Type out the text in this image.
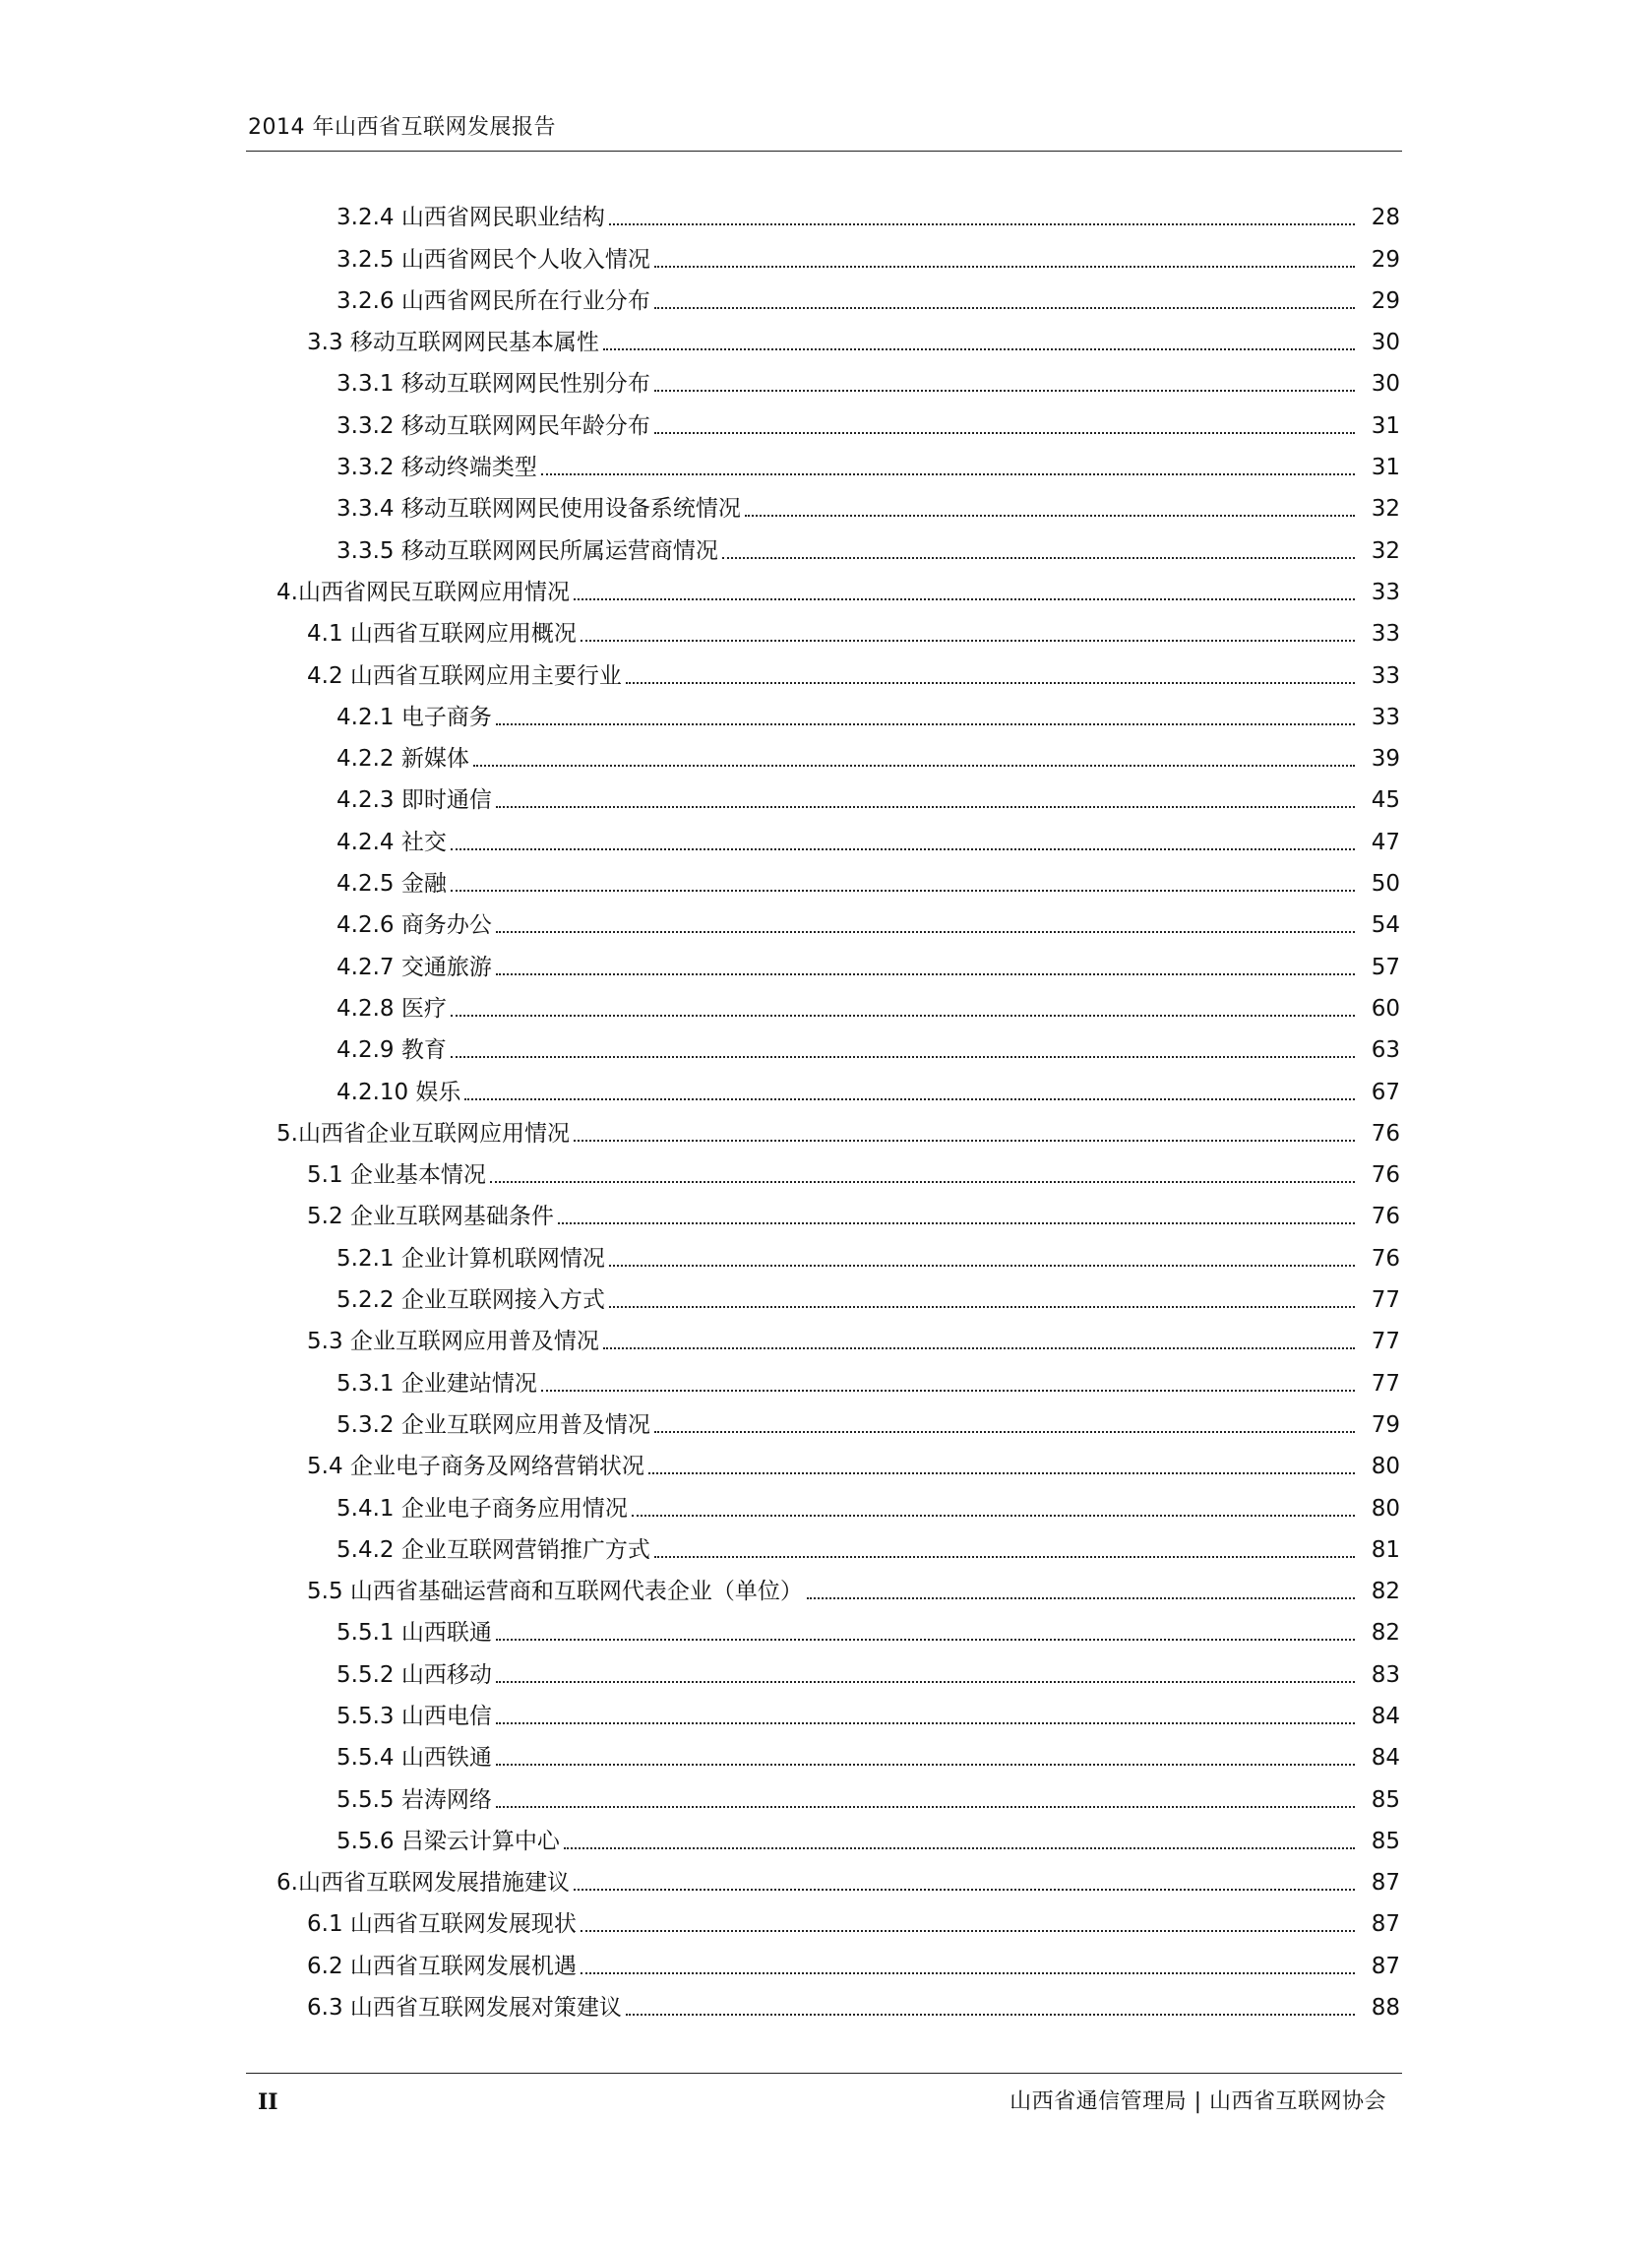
2014 年山西省互联网发展报告
3.2.4 山西省网民职业结构	28
3.2.5 山西省网民个人收入情况	29
3.2.6 山西省网民所在行业分布	29
3.3 移动互联网网民基本属性	30
3.3.1 移动互联网网民性别分布	30
3.3.2 移动互联网网民年龄分布	31
3.3.2 移动终端类型	31
3.3.4 移动互联网网民使用设备系统情况	32
3.3.5 移动互联网网民所属运营商情况	32
4.山西省网民互联网应用情况	33
4.1 山西省互联网应用概况	33
4.2 山西省互联网应用主要行业	33
4.2.1 电子商务	33
4.2.2 新媒体	39
4.2.3 即时通信	45
4.2.4 社交	47
4.2.5 金融	50
4.2.6 商务办公	54
4.2.7 交通旅游	57
4.2.8 医疗	60
4.2.9 教育	63
4.2.10 娱乐	67
5.山西省企业互联网应用情况	76
5.1 企业基本情况	76
5.2 企业互联网基础条件	76
5.2.1 企业计算机联网情况	76
5.2.2 企业互联网接入方式	77
5.3 企业互联网应用普及情况	77
5.3.1 企业建站情况	77
5.3.2 企业互联网应用普及情况	79
5.4 企业电子商务及网络营销状况	80
5.4.1 企业电子商务应用情况	80
5.4.2 企业互联网营销推广方式	81
5.5 山西省基础运营商和互联网代表企业（单位）	82
5.5.1 山西联通	82
5.5.2 山西移动	83
5.5.3 山西电信	84
5.5.4 山西铁通	84
5.5.5 岩涛网络	85
5.5.6 吕梁云计算中心	85
6.山西省互联网发展措施建议	87
6.1 山西省互联网发展现状	87
6.2 山西省互联网发展机遇	87
6.3 山西省互联网发展对策建议	88
II	山西省通信管理局 | 山西省互联网协会
